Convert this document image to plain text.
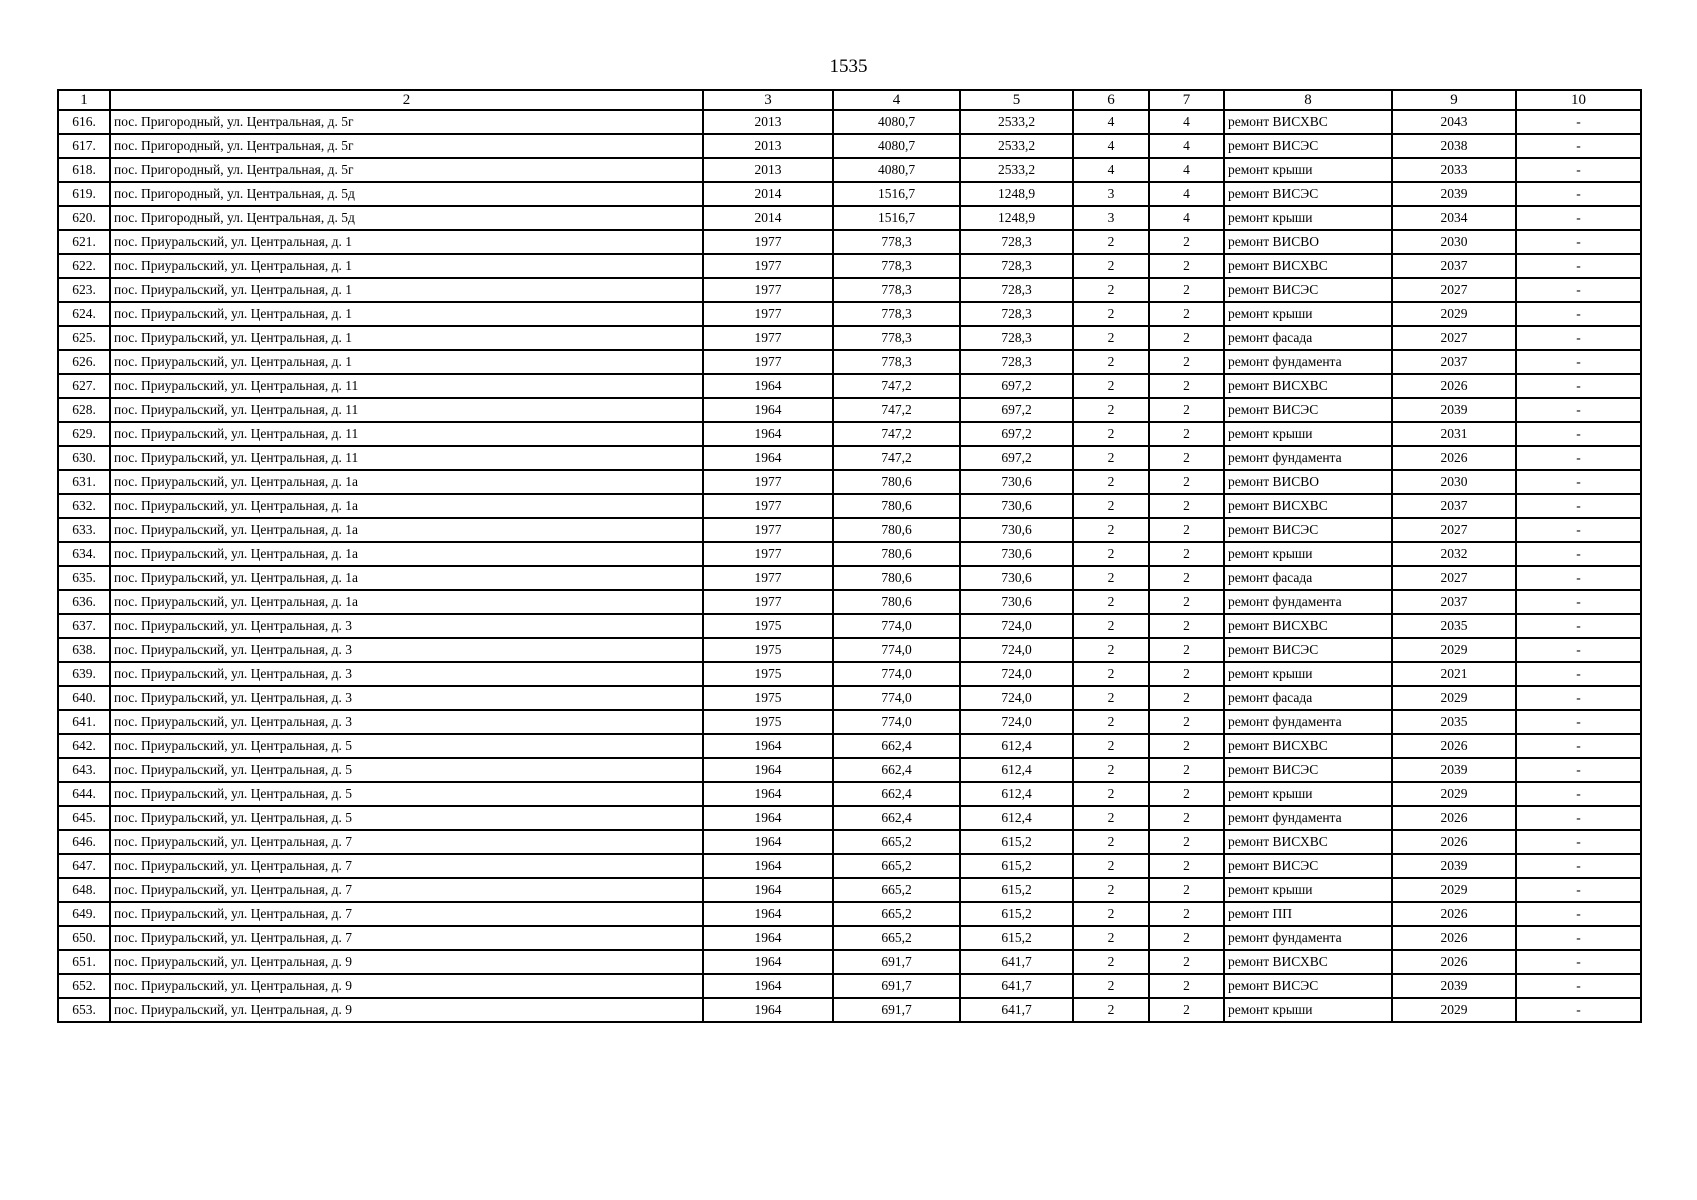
1535
1	2	3	4	5	6	7	8	9	10
616.	пос. Пригородный, ул. Центральная, д. 5г	2013	4080,7	2533,2	4	4	ремонт ВИСХВС	2043	-
617.	пос. Пригородный, ул. Центральная, д. 5г	2013	4080,7	2533,2	4	4	ремонт ВИСЭС	2038	-
618.	пос. Пригородный, ул. Центральная, д. 5г	2013	4080,7	2533,2	4	4	ремонт крыши	2033	-
619.	пос. Пригородный, ул. Центральная, д. 5д	2014	1516,7	1248,9	3	4	ремонт ВИСЭС	2039	-
620.	пос. Пригородный, ул. Центральная, д. 5д	2014	1516,7	1248,9	3	4	ремонт крыши	2034	-
621.	пос. Приуральский, ул. Центральная, д. 1	1977	778,3	728,3	2	2	ремонт ВИСВО	2030	-
622.	пос. Приуральский, ул. Центральная, д. 1	1977	778,3	728,3	2	2	ремонт ВИСХВС	2037	-
623.	пос. Приуральский, ул. Центральная, д. 1	1977	778,3	728,3	2	2	ремонт ВИСЭС	2027	-
624.	пос. Приуральский, ул. Центральная, д. 1	1977	778,3	728,3	2	2	ремонт крыши	2029	-
625.	пос. Приуральский, ул. Центральная, д. 1	1977	778,3	728,3	2	2	ремонт фасада	2027	-
626.	пос. Приуральский, ул. Центральная, д. 1	1977	778,3	728,3	2	2	ремонт фундамента	2037	-
627.	пос. Приуральский, ул. Центральная, д. 11	1964	747,2	697,2	2	2	ремонт ВИСХВС	2026	-
628.	пос. Приуральский, ул. Центральная, д. 11	1964	747,2	697,2	2	2	ремонт ВИСЭС	2039	-
629.	пос. Приуральский, ул. Центральная, д. 11	1964	747,2	697,2	2	2	ремонт крыши	2031	-
630.	пос. Приуральский, ул. Центральная, д. 11	1964	747,2	697,2	2	2	ремонт фундамента	2026	-
631.	пос. Приуральский, ул. Центральная, д. 1а	1977	780,6	730,6	2	2	ремонт ВИСВО	2030	-
632.	пос. Приуральский, ул. Центральная, д. 1а	1977	780,6	730,6	2	2	ремонт ВИСХВС	2037	-
633.	пос. Приуральский, ул. Центральная, д. 1а	1977	780,6	730,6	2	2	ремонт ВИСЭС	2027	-
634.	пос. Приуральский, ул. Центральная, д. 1а	1977	780,6	730,6	2	2	ремонт крыши	2032	-
635.	пос. Приуральский, ул. Центральная, д. 1а	1977	780,6	730,6	2	2	ремонт фасада	2027	-
636.	пос. Приуральский, ул. Центральная, д. 1а	1977	780,6	730,6	2	2	ремонт фундамента	2037	-
637.	пос. Приуральский, ул. Центральная, д. 3	1975	774,0	724,0	2	2	ремонт ВИСХВС	2035	-
638.	пос. Приуральский, ул. Центральная, д. 3	1975	774,0	724,0	2	2	ремонт ВИСЭС	2029	-
639.	пос. Приуральский, ул. Центральная, д. 3	1975	774,0	724,0	2	2	ремонт крыши	2021	-
640.	пос. Приуральский, ул. Центральная, д. 3	1975	774,0	724,0	2	2	ремонт фасада	2029	-
641.	пос. Приуральский, ул. Центральная, д. 3	1975	774,0	724,0	2	2	ремонт фундамента	2035	-
642.	пос. Приуральский, ул. Центральная, д. 5	1964	662,4	612,4	2	2	ремонт ВИСХВС	2026	-
643.	пос. Приуральский, ул. Центральная, д. 5	1964	662,4	612,4	2	2	ремонт ВИСЭС	2039	-
644.	пос. Приуральский, ул. Центральная, д. 5	1964	662,4	612,4	2	2	ремонт крыши	2029	-
645.	пос. Приуральский, ул. Центральная, д. 5	1964	662,4	612,4	2	2	ремонт фундамента	2026	-
646.	пос. Приуральский, ул. Центральная, д. 7	1964	665,2	615,2	2	2	ремонт ВИСХВС	2026	-
647.	пос. Приуральский, ул. Центральная, д. 7	1964	665,2	615,2	2	2	ремонт ВИСЭС	2039	-
648.	пос. Приуральский, ул. Центральная, д. 7	1964	665,2	615,2	2	2	ремонт крыши	2029	-
649.	пос. Приуральский, ул. Центральная, д. 7	1964	665,2	615,2	2	2	ремонт ПП	2026	-
650.	пос. Приуральский, ул. Центральная, д. 7	1964	665,2	615,2	2	2	ремонт фундамента	2026	-
651.	пос. Приуральский, ул. Центральная, д. 9	1964	691,7	641,7	2	2	ремонт ВИСХВС	2026	-
652.	пос. Приуральский, ул. Центральная, д. 9	1964	691,7	641,7	2	2	ремонт ВИСЭС	2039	-
653.	пос. Приуральский, ул. Центральная, д. 9	1964	691,7	641,7	2	2	ремонт крыши	2029	-
